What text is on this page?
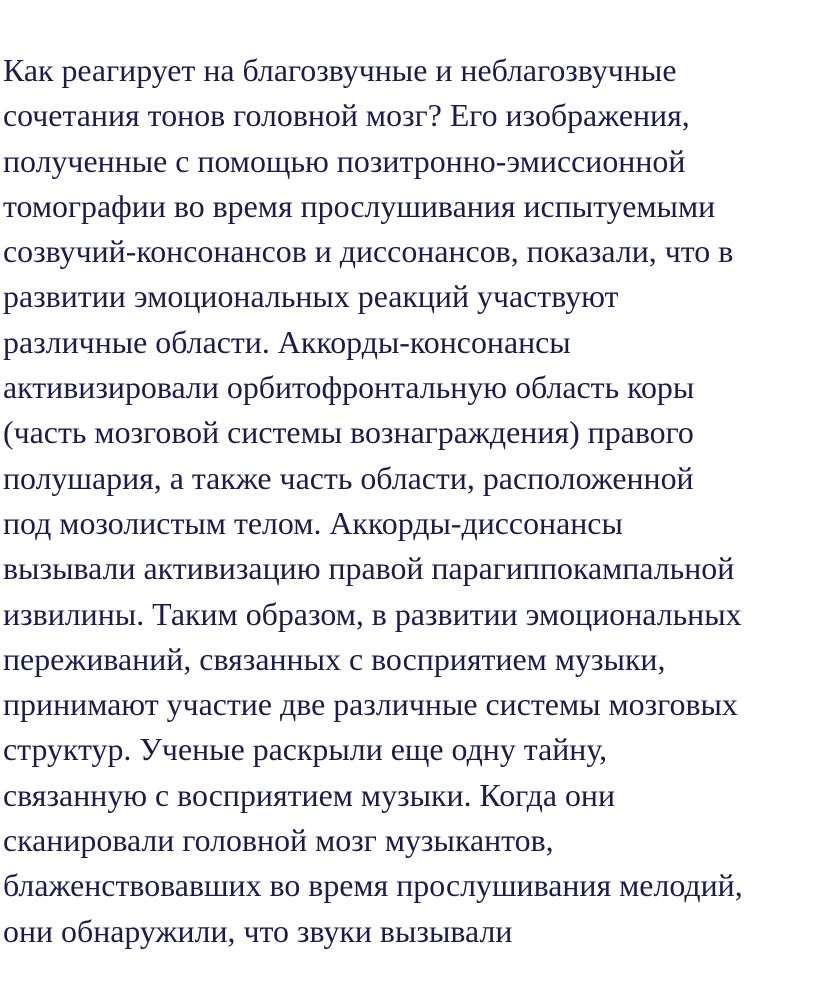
Как реагирует на благозвучные и неблагозвучные
сочетания тонов головной мозг? Его изображения,
полученные с помощью позитронно-эмиссионной
томографии во время прослушивания испытуемыми
созвучий-консонансов и диссонансов, показали, что в
развитии эмоциональных реакций участвуют
различные области. Аккорды-консонансы
активизировали орбитофронтальную область коры
(часть мозговой системы вознаграждения) правого
полушария, а также часть области, расположенной
под мозолистым телом. Аккорды-диссонансы
вызывали активизацию правой парагиппокампальной
извилины. Таким образом, в развитии эмоциональных
переживаний, связанных с восприятием музыки,
принимают участие две различные системы мозговых
структур. Ученые раскрыли еще одну тайну,
связанную с восприятием музыки. Когда они
сканировали головной мозг музыкантов,
блаженствовавших во время прослушивания мелодий,
они обнаружили, что звуки вызывали
